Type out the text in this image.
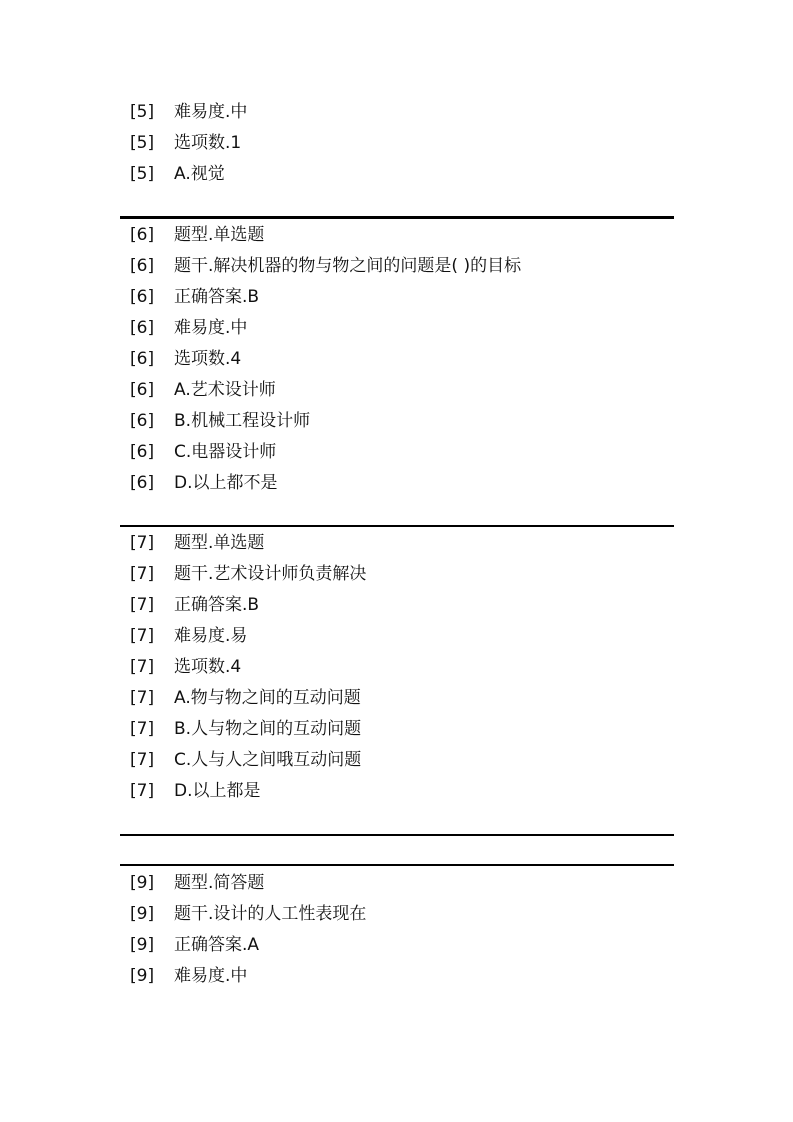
[5] 难易度.中
[5] 选项数.1
[5] A.视觉
[6] 题型.单选题
[6] 题干.解决机器的物与物之间的问题是( )的目标
[6] 正确答案.B
[6] 难易度.中
[6] 选项数.4
[6] A.艺术设计师
[6] B.机械工程设计师
[6] C.电器设计师
[6] D.以上都不是
[7] 题型.单选题
[7] 题干.艺术设计师负责解决
[7] 正确答案.B
[7] 难易度.易
[7] 选项数.4
[7] A.物与物之间的互动问题
[7] B.人与物之间的互动问题
[7] C.人与人之间哦互动问题
[7] D.以上都是
[9] 题型.简答题
[9] 题干.设计的人工性表现在
[9] 正确答案.A
[9] 难易度.中
